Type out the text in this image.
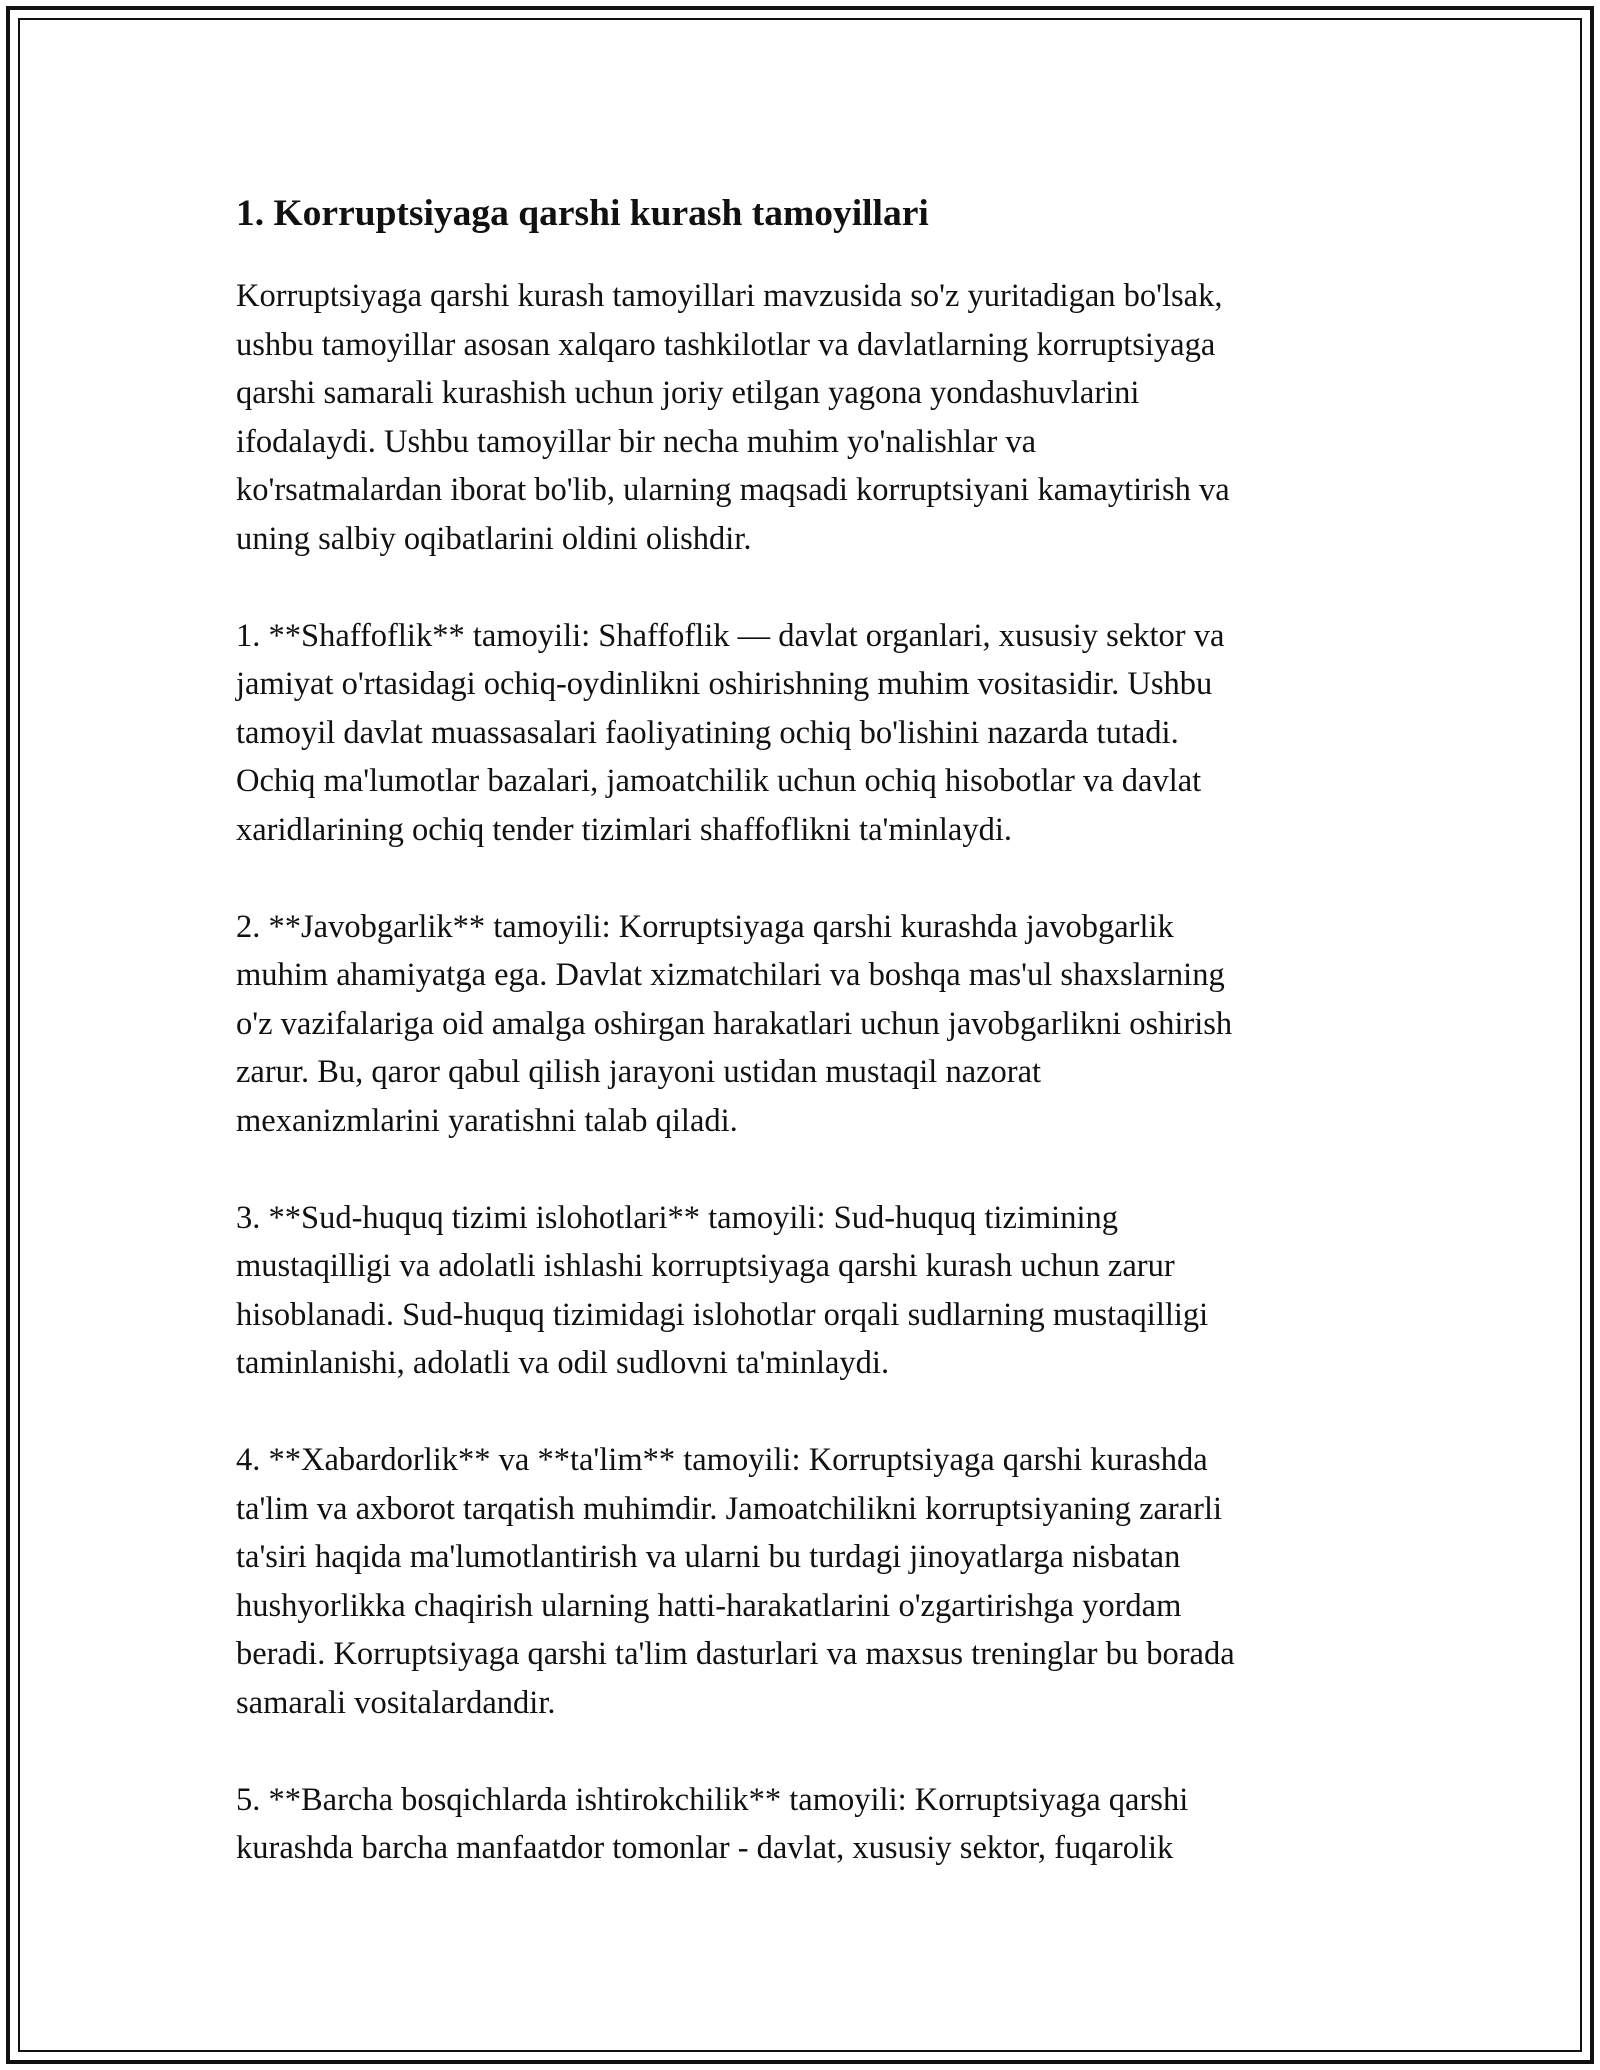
1. Korruptsiyaga qarshi kurash tamoyillari

Korruptsiyaga qarshi kurash tamoyillari mavzusida so'z yuritadigan bo'lsak,
ushbu tamoyillar asosan xalqaro tashkilotlar va davlatlarning korruptsiyaga
qarshi samarali kurashish uchun joriy etilgan yagona yondashuvlarini
ifodalaydi. Ushbu tamoyillar bir necha muhim yo'nalishlar va
ko'rsatmalardan iborat bo'lib, ularning maqsadi korruptsiyani kamaytirish va
uning salbiy oqibatlarini oldini olishdir.

1. **Shaffoflik** tamoyili: Shaffoflik — davlat organlari, xususiy sektor va
jamiyat o'rtasidagi ochiq-oydinlikni oshirishning muhim vositasidir. Ushbu
tamoyil davlat muassasalari faoliyatining ochiq bo'lishini nazarda tutadi.
Ochiq ma'lumotlar bazalari, jamoatchilik uchun ochiq hisobotlar va davlat
xaridlarining ochiq tender tizimlari shaffoflikni ta'minlaydi.

2. **Javobgarlik** tamoyili: Korruptsiyaga qarshi kurashda javobgarlik
muhim ahamiyatga ega. Davlat xizmatchilari va boshqa mas'ul shaxslarning
o'z vazifalariga oid amalga oshirgan harakatlari uchun javobgarlikni oshirish
zarur. Bu, qaror qabul qilish jarayoni ustidan mustaqil nazorat
mexanizmlarini yaratishni talab qiladi.

3. **Sud-huquq tizimi islohotlari** tamoyili: Sud-huquq tizimining
mustaqilligi va adolatli ishlashi korruptsiyaga qarshi kurash uchun zarur
hisoblanadi. Sud-huquq tizimidagi islohotlar orqali sudlarning mustaqilligi
taminlanishi, adolatli va odil sudlovni ta'minlaydi.

4. **Xabardorlik** va **ta'lim** tamoyili: Korruptsiyaga qarshi kurashda
ta'lim va axborot tarqatish muhimdir. Jamoatchilikni korruptsiyaning zararli
ta'siri haqida ma'lumotlantirish va ularni bu turdagi jinoyatlarga nisbatan
hushyorlikka chaqirish ularning hatti-harakatlarini o'zgartirishga yordam
beradi. Korruptsiyaga qarshi ta'lim dasturlari va maxsus treninglar bu borada
samarali vositalardandir.

5. **Barcha bosqichlarda ishtirokchilik** tamoyili: Korruptsiyaga qarshi
kurashda barcha manfaatdor tomonlar - davlat, xususiy sektor, fuqarolik
